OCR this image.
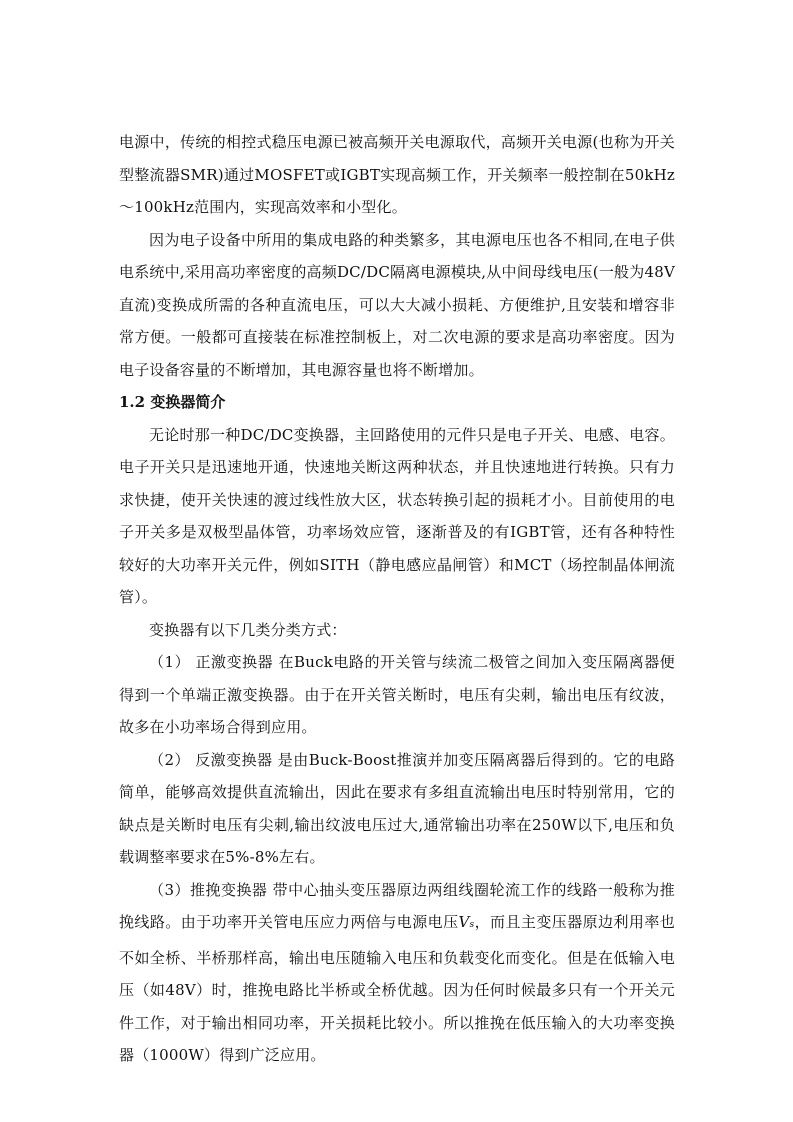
电源中，传统的相控式稳压电源已被高频开关电源取代，高频开关电源(也称为开关型整流器SMR)通过MOSFET或IGBT实现高频工作，开关频率一般控制在50kHz～100kHz范围内，实现高效率和小型化。

因为电子设备中所用的集成电路的种类繁多，其电源电压也各不相同,在电子供电系统中,采用高功率密度的高频DC/DC隔离电源模块,从中间母线电压(一般为48V直流)变换成所需的各种直流电压，可以大大减小损耗、方便维护,且安装和增容非常方便。一般都可直接装在标准控制板上，对二次电源的要求是高功率密度。因为电子设备容量的不断增加，其电源容量也将不断增加。

1.2 变换器简介

无论时那一种DC/DC变换器，主回路使用的元件只是电子开关、电感、电容。电子开关只是迅速地开通，快速地关断这两种状态，并且快速地进行转换。只有力求快捷，使开关快速的渡过线性放大区，状态转换引起的损耗才小。目前使用的电子开关多是双极型晶体管，功率场效应管，逐渐普及的有IGBT管，还有各种特性较好的大功率开关元件，例如SITH（静电感应晶闸管）和MCT（场控制晶体闸流管）。

变换器有以下几类分类方式：

（1） 正激变换器 在Buck电路的开关管与续流二极管之间加入变压隔离器便得到一个单端正激变换器。由于在开关管关断时，电压有尖刺，输出电压有纹波，故多在小功率场合得到应用。

（2） 反激变换器 是由Buck-Boost推演并加变压隔离器后得到的。它的电路简单，能够高效提供直流输出，因此在要求有多组直流输出电压时特别常用，它的缺点是关断时电压有尖刺,输出纹波电压过大,通常输出功率在250W以下,电压和负载调整率要求在5%-8%左右。

（3）推挽变换器 带中心抽头变压器原边两组线圈轮流工作的线路一般称为推挽线路。由于功率开关管电压应力两倍与电源电压Vs，而且主变压器原边利用率也不如全桥、半桥那样高，输出电压随输入电压和负载变化而变化。但是在低输入电压（如48V）时，推挽电路比半桥或全桥优越。因为任何时候最多只有一个开关元件工作，对于输出相同功率，开关损耗比较小。所以推挽在低压输入的大功率变换器（1000W）得到广泛应用。
